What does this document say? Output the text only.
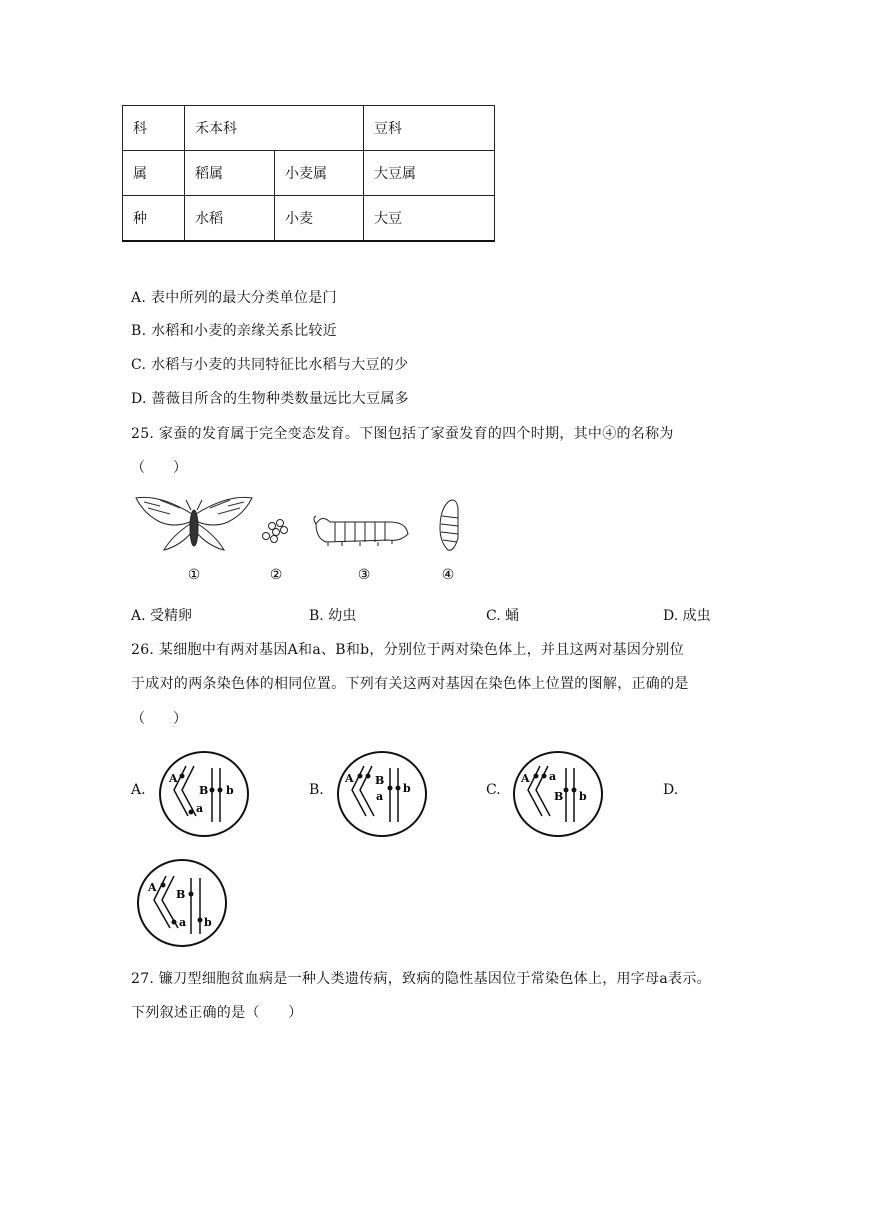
科	禾本科		豆科
属	稻属	小麦属	大豆属
种	水稻	小麦	大豆
A. 表中所列的最大分类单位是门
B. 水稻和小麦的亲缘关系比较近
C. 水稻与小麦的共同特征比水稻与大豆的少
D. 蔷薇目所含的生物种类数量远比大豆属多
25. 家蚕的发育属于完全变态发育。下图包括了家蚕发育的四个时期，其中④的名称为
（　　）
①	②	③	④
A. 受精卵	B. 幼虫	C. 蛹	D. 成虫
26. 某细胞中有两对基因A和a、B和b，分别位于两对染色体上，并且这两对基因分别位
于成对的两条染色体的相同位置。下列有关这两对基因在染色体上位置的图解，正确的是
（　　）
A.	B.	C.	D.
A
a
B b
A
a
B
b
A a
B b
A
a
B
b
27. 镰刀型细胞贫血病是一种人类遗传病，致病的隐性基因位于常染色体上，用字母a表示。
下列叙述正确的是（　　）
